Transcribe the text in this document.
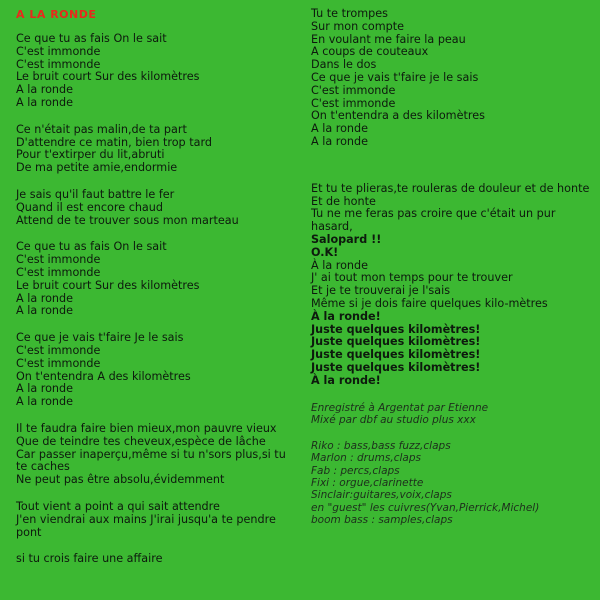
A LA RONDE
Ce que tu as fais On le sait
C'est immonde
C'est immonde
Le bruit court Sur des kilomètres
A la ronde
A la ronde
Ce n'était pas malin,de ta part
D'attendre ce matin, bien trop tard
Pour t'extirper du lit,abruti
De ma petite amie,endormie
Je sais qu'il faut battre le fer
Quand il est encore chaud
Attend de te trouver sous mon marteau
Ce que tu as fais On le sait
C'est immonde
C'est immonde
Le bruit court Sur des kilomètres
A la ronde
A la ronde
Ce que je vais t'faire Je le sais
C'est immonde
C'est immonde
On t'entendra A des kilomètres
A la ronde
A la ronde
Il te faudra faire bien mieux,mon pauvre vieux
Que de teindre tes cheveux,espèce de lâche
Car passer inaperçu,même si tu n'sors plus,si tu te caches
Ne peut pas être absolu,évidemment
Tout vient a point a qui sait attendre
J'en viendrai aux mains J'irai jusqu'a te pendre pont
si tu crois faire une affaire
Tu te trompes
Sur mon compte
En voulant me faire la peau
A coups de couteaux
Dans le dos
Ce que je vais t'faire je le sais
C'est immonde
C'est immonde
On t'entendra a des kilomètres
A la ronde
A la ronde
Et tu te plieras,te rouleras de douleur et de honte
Et de honte
Tu ne me feras pas croire que c'était un pur hasard,
Salopard !!
O.K!
À la ronde
J' ai tout mon temps pour te trouver
Et je te trouverai je l'sais
Même si je dois faire quelques kilo-mètres
À la ronde!
Juste quelques kilomètres!
Juste quelques kilomètres!
Juste quelques kilomètres!
Juste quelques kilomètres!
À la ronde!
Enregistré à Argentat par Etienne
Mixé par dbf au studio plus xxx
Riko : bass,bass fuzz,claps
Marlon : drums,claps
Fab : percs,claps
Fixi : orgue,clarinette
Sinclair:guitares,voix,claps
en "guest" les cuivres(Yvan,Pierrick,Michel)
boom bass : samples,claps
